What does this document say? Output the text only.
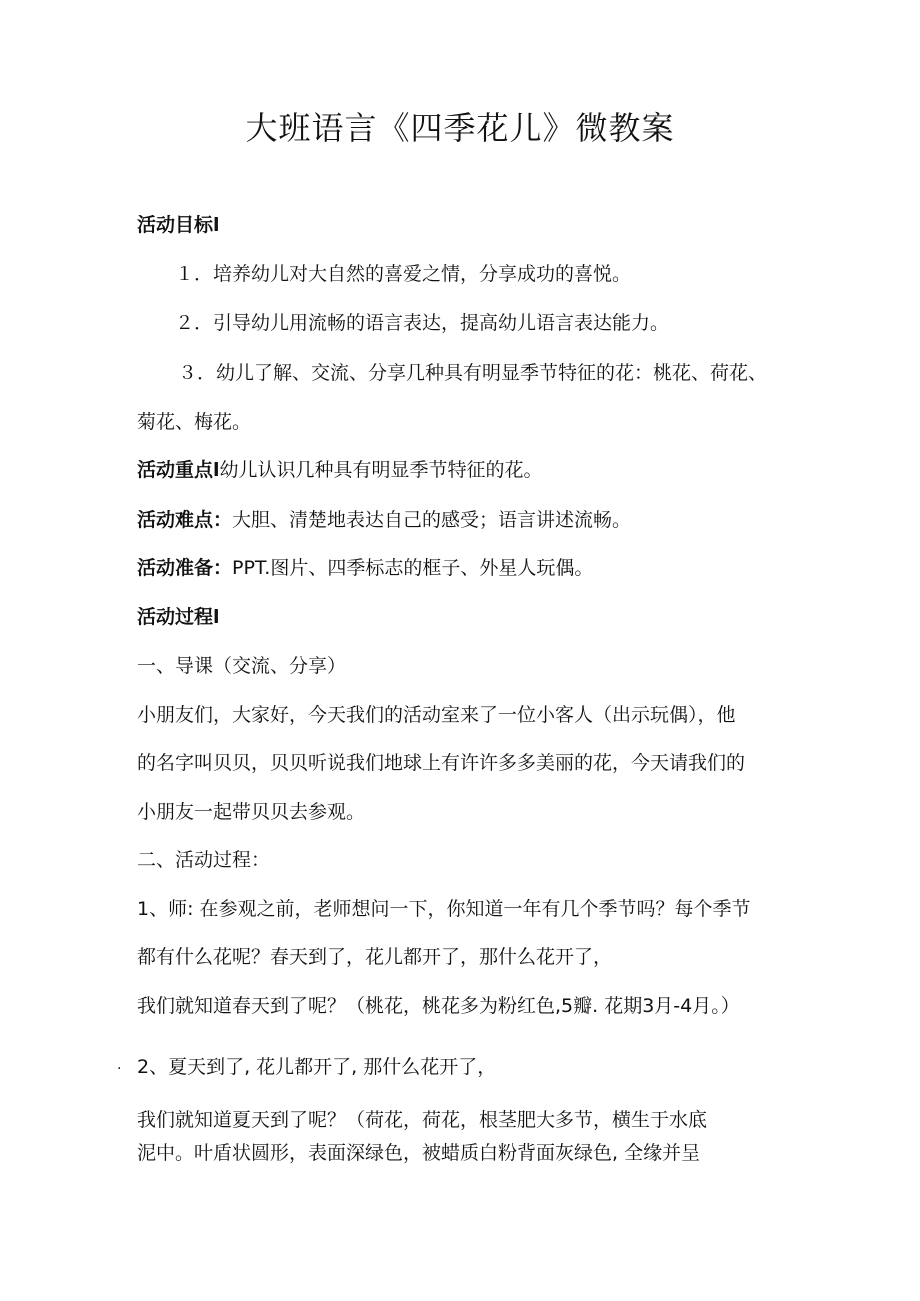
大班语言《四季花儿》微教案
活动目标l
１．培养幼儿对大自然的喜爱之情，分享成功的喜悦。
２．引导幼儿用流畅的语言表达，提高幼儿语言表达能力。
３．幼儿了解、交流、分享几种具有明显季节特征的花：桃花、荷花、
菊花、梅花。
活动重点l幼儿认识几种具有明显季节特征的花。
活动难点：大胆、清楚地表达自己的感受；语言讲述流畅。
活动准备：PPT.图片、四季标志的框子、外星人玩偶。
活动过程l
一、导课（交流、分享）
小朋友们，大家好，今天我们的活动室来了一位小客人（出示玩偶），他
的名字叫贝贝，贝贝听说我们地球上有许许多多美丽的花，今天请我们的
小朋友一起带贝贝去参观。
二、活动过程：
1、师: 在参观之前，老师想问一下，你知道一年有几个季节吗？每个季节
都有什么花呢？春天到了，花儿都开了，那什么花开了，
我们就知道春天到了呢？（桃花，桃花多为粉红色,5瓣. 花期3月-4月。）
· 2、夏天到了, 花儿都开了, 那什么花开了，
我们就知道夏天到了呢？（荷花，荷花，根茎肥大多节，横生于水底
泥中。叶盾状圆形，表面深绿色，被蜡质白粉背面灰绿色, 全缘并呈
